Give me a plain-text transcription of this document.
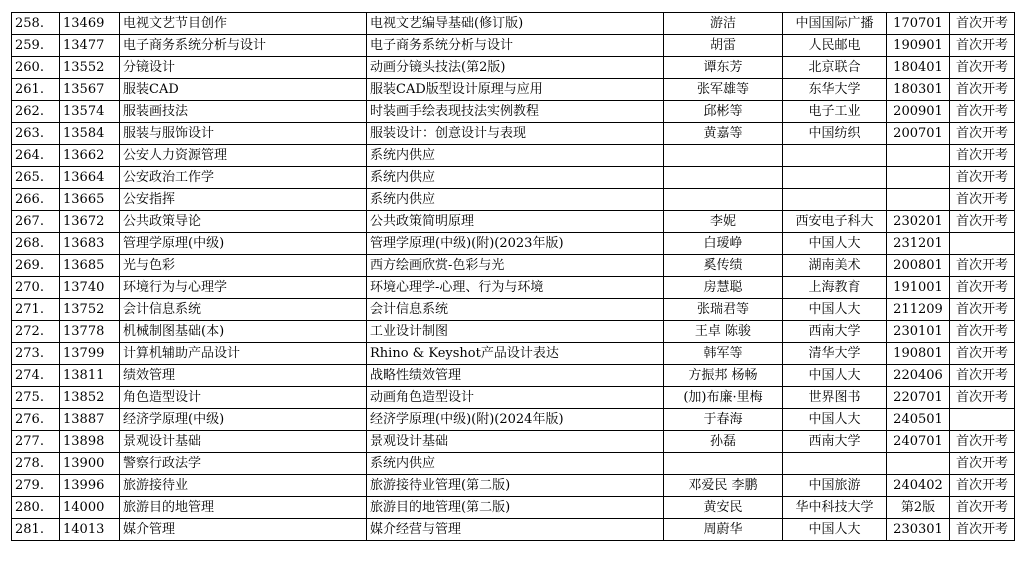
258.	13469	电视文艺节目创作	电视文艺编导基础(修订版)	游洁	中国国际广播	170701	首次开考
259.	13477	电子商务系统分析与设计	电子商务系统分析与设计	胡雷	人民邮电	190901	首次开考
260.	13552	分镜设计	动画分镜头技法(第2版)	谭东芳	北京联合	180401	首次开考
261.	13567	服装CAD	服装CAD版型设计原理与应用	张军雄等	东华大学	180301	首次开考
262.	13574	服装画技法	时装画手绘表现技法实例教程	邱彬等	电子工业	200901	首次开考
263.	13584	服装与服饰设计	服装设计：创意设计与表现	黄嘉等	中国纺织	200701	首次开考
264.	13662	公安人力资源管理	系统内供应				首次开考
265.	13664	公安政治工作学	系统内供应				首次开考
266.	13665	公安指挥	系统内供应				首次开考
267.	13672	公共政策导论	公共政策简明原理	李妮	西安电子科大	230201	首次开考
268.	13683	管理学原理(中级)	管理学原理(中级)(附)(2023年版)	白瑷峥	中国人大	231201	
269.	13685	光与色彩	西方绘画欣赏-色彩与光	奚传绩	湖南美术	200801	首次开考
270.	13740	环境行为与心理学	环境心理学-心理、行为与环境	房慧聪	上海教育	191001	首次开考
271.	13752	会计信息系统	会计信息系统	张瑞君等	中国人大	211209	首次开考
272.	13778	机械制图基础(本)	工业设计制图	王卓 陈骏	西南大学	230101	首次开考
273.	13799	计算机辅助产品设计	Rhino & Keyshot产品设计表达	韩军等	清华大学	190801	首次开考
274.	13811	绩效管理	战略性绩效管理	方振邦 杨畅	中国人大	220406	首次开考
275.	13852	角色造型设计	动画角色造型设计	(加)布廉·里梅	世界图书	220701	首次开考
276.	13887	经济学原理(中级)	经济学原理(中级)(附)(2024年版)	于春海	中国人大	240501	
277.	13898	景观设计基础	景观设计基础	孙磊	西南大学	240701	首次开考
278.	13900	警察行政法学	系统内供应				首次开考
279.	13996	旅游接待业	旅游接待业管理(第二版)	邓爱民 李鹏	中国旅游	240402	首次开考
280.	14000	旅游目的地管理	旅游目的地管理(第二版)	黄安民	华中科技大学	第2版	首次开考
281.	14013	媒介管理	媒介经营与管理	周蔚华	中国人大	230301	首次开考
